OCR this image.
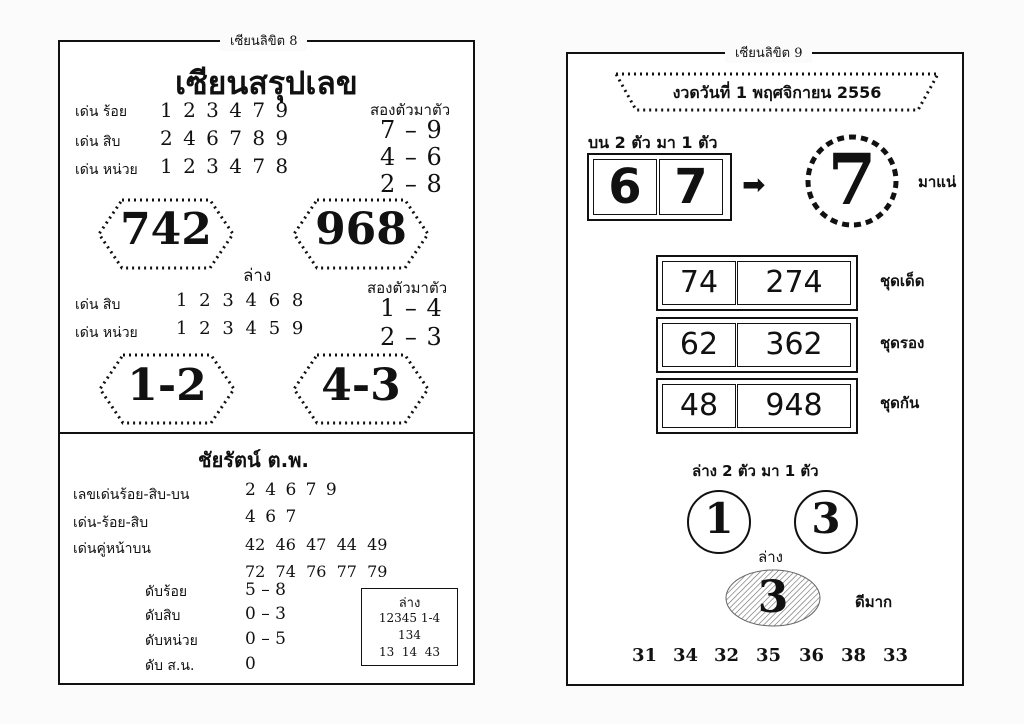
เซียนลิขิต 8
เซียนสรุปเลข
เด่น ร้อย 1 2 3 4 7 9
เด่น สิบ 2 4 6 7 8 9
เด่น หน่วย 1 2 3 4 7 8
สองตัวมาตัว
7 – 9
4 – 6
2 – 8
742	968
ล่าง
เด่น สิบ	1 2 3 4 6 8
เด่น หน่วย 1 2 3 4 5 9
สองตัวมาตัว
1 – 4
2 – 3
1-2	4-3
ชัยรัตน์ ต.พ.
เลขเด่นร้อย-สิบ-บน	2 4 6 7 9
เด่น-ร้อย-สิบ	4 6 7
เด่นคู่หน้าบน	42  46  47  44  49
72  74  76  77  79
ดับร้อย	5 – 8
ดับสิบ	0 – 3
ดับหน่วย	0 – 5
ดับ ส.น.	0
ล่าง
12345 1-4
134
13  14  43
เซียนลิขิต 9
งวดวันที่ 1 พฤศจิกายน 2556
บน 2 ตัว มา 1 ตัว
6 7	➡ 7	มาแน่
74	274	ชุดเด็ด
62	362	ชุดรอง
48	948	ชุดกัน
ล่าง 2 ตัว มา 1 ตัว
1	3
ล่าง
3	ดีมาก
31 34 32 35 36 38 33
